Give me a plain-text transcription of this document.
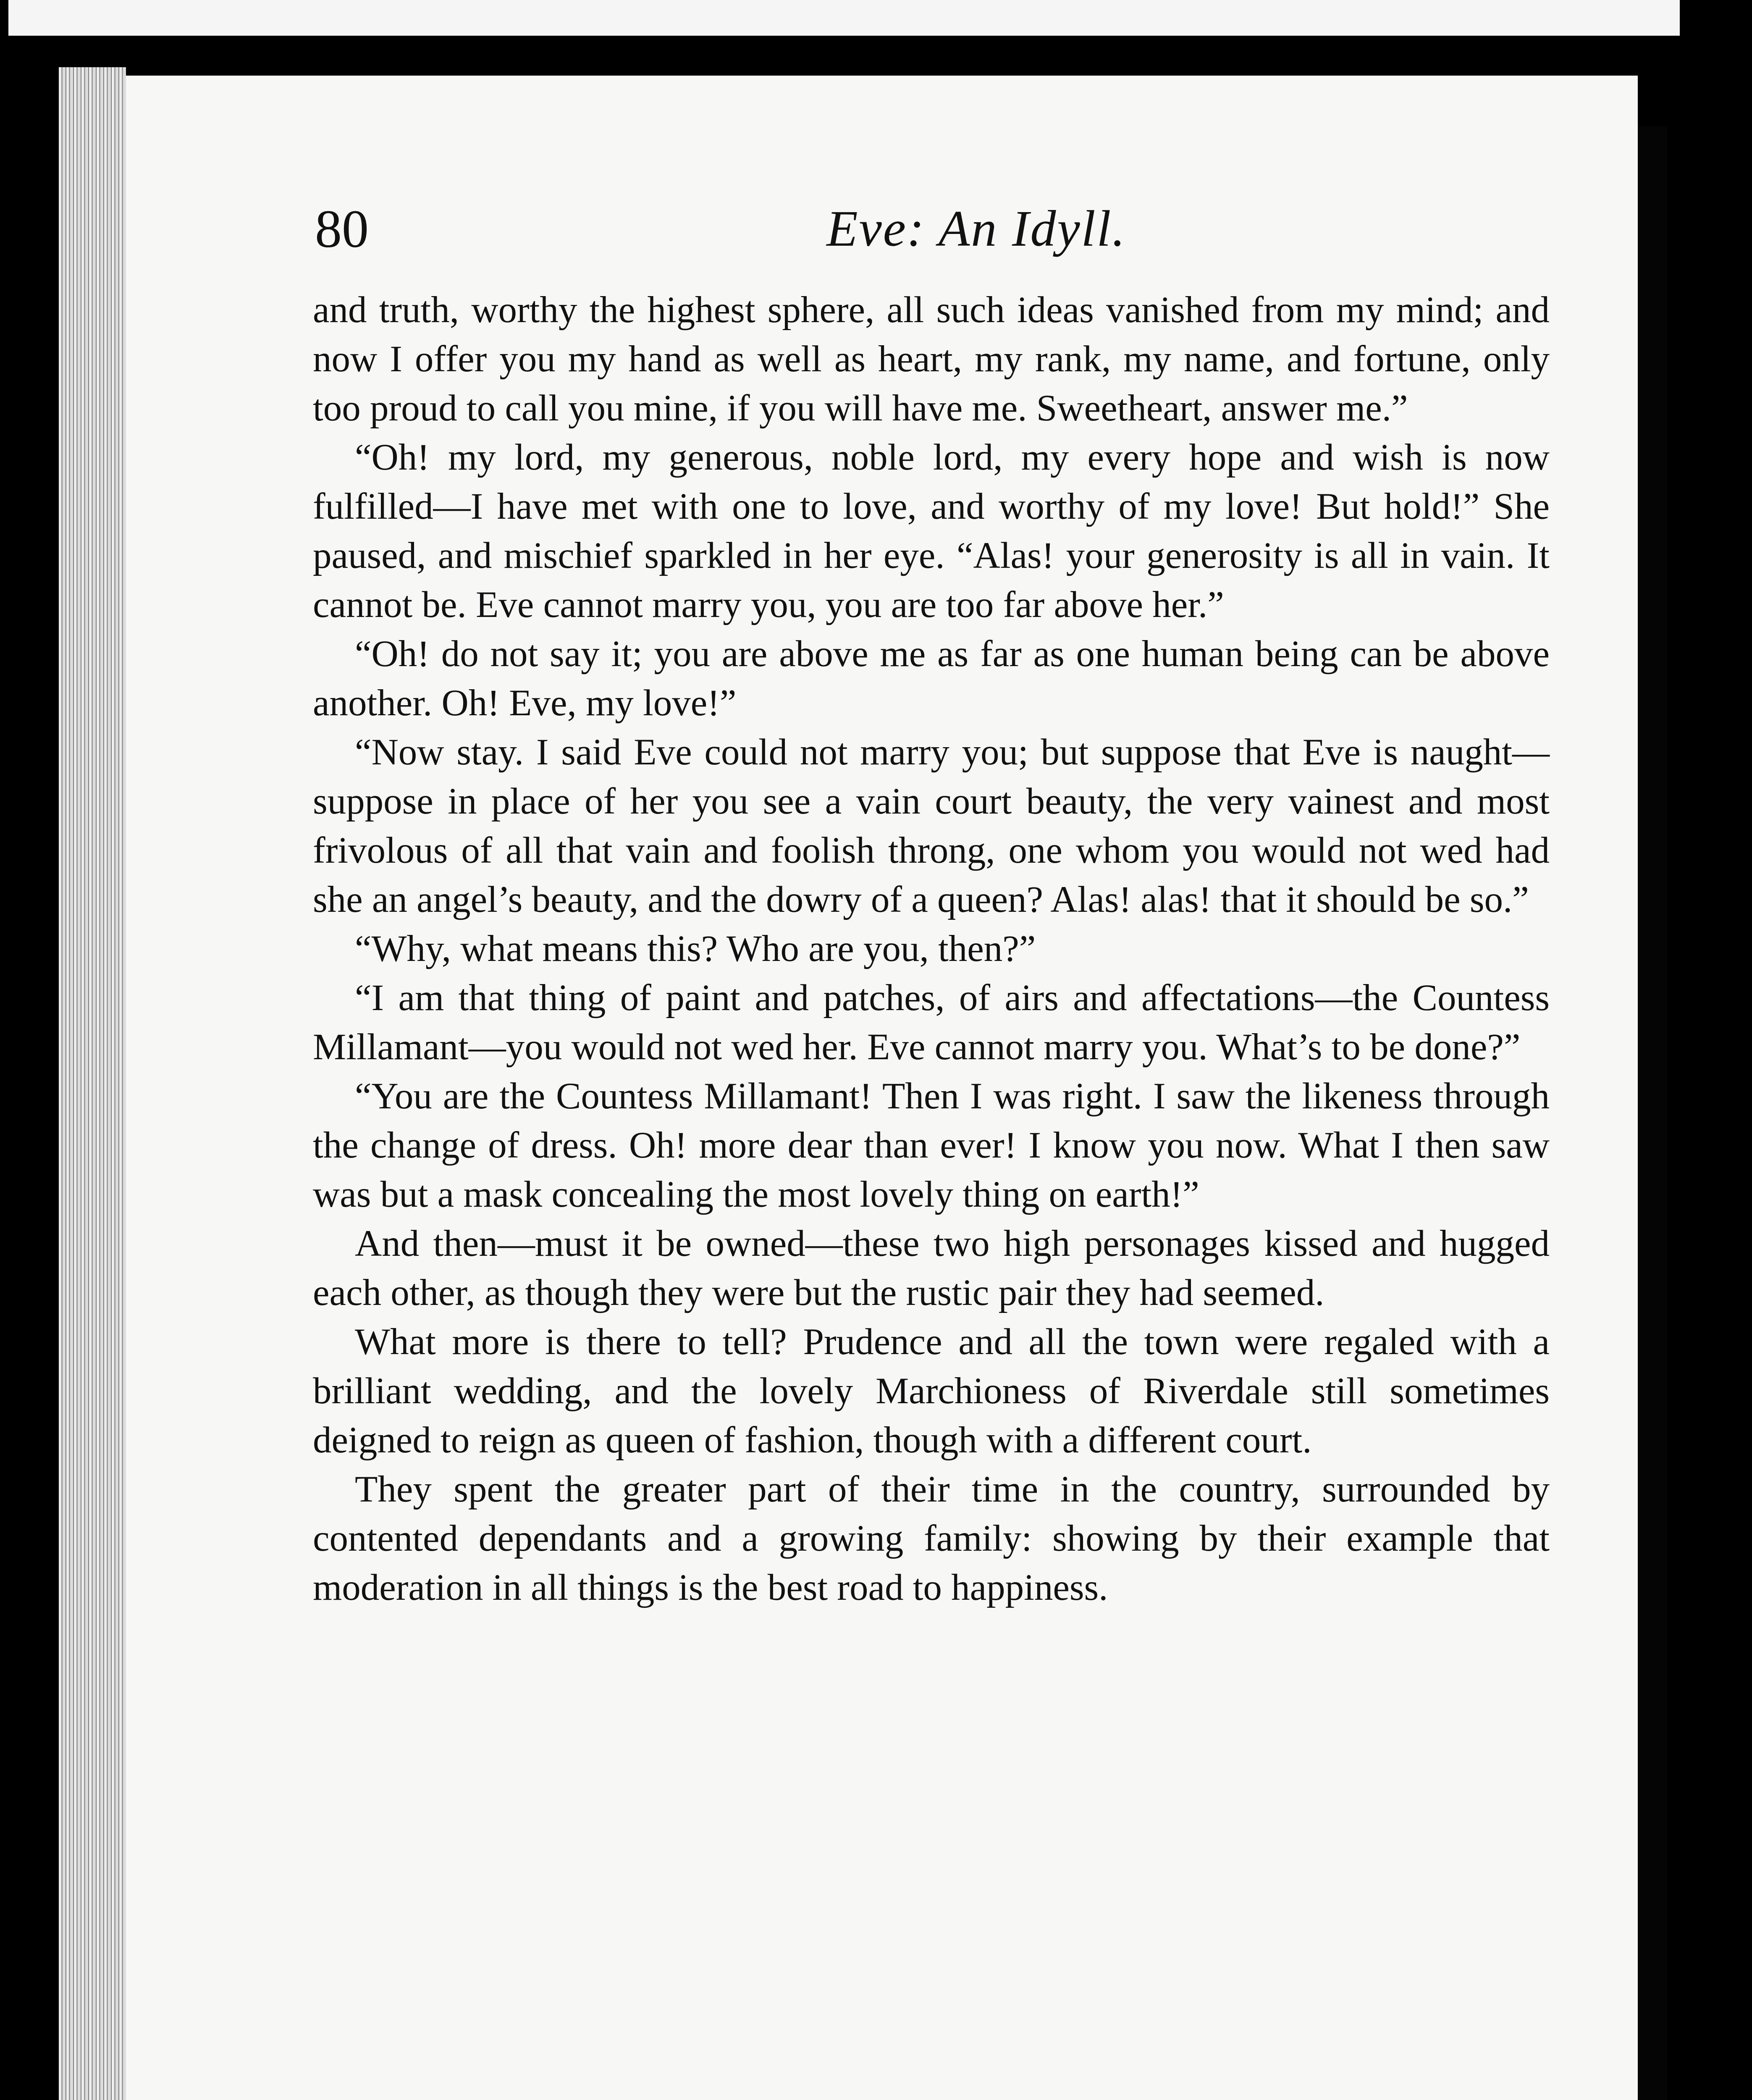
80	Eve: An Idyll.

and truth, worthy the highest sphere, all such ideas vanished from my mind; and now I offer you my hand as well as heart, my rank, my name, and fortune, only too proud to call you mine, if you will have me. Sweetheart, answer me.”

“Oh! my lord, my generous, noble lord, my every hope and wish is now fulfilled—I have met with one to love, and worthy of my love! But hold!” She paused, and mischief sparkled in her eye. “Alas! your generosity is all in vain. It cannot be. Eve cannot marry you, you are too far above her.”

“Oh! do not say it; you are above me as far as one human being can be above another. Oh! Eve, my love!”

“Now stay. I said Eve could not marry you; but suppose that Eve is naught—suppose in place of her you see a vain court beauty, the very vainest and most frivolous of all that vain and foolish throng, one whom you would not wed had she an angel’s beauty, and the dowry of a queen? Alas! alas! that it should be so.”

“Why, what means this? Who are you, then?”

“I am that thing of paint and patches, of airs and affectations—the Countess Millamant—you would not wed her. Eve cannot marry you. What’s to be done?”

“You are the Countess Millamant! Then I was right. I saw the likeness through the change of dress. Oh! more dear than ever! I know you now. What I then saw was but a mask concealing the most lovely thing on earth!”

And then—must it be owned—these two high personages kissed and hugged each other, as though they were but the rustic pair they had seemed.

What more is there to tell? Prudence and all the town were regaled with a brilliant wedding, and the lovely Marchioness of Riverdale still sometimes deigned to reign as queen of fashion, though with a different court.

They spent the greater part of their time in the country, surrounded by contented dependants and a growing family: showing by their example that moderation in all things is the best road to happiness.
